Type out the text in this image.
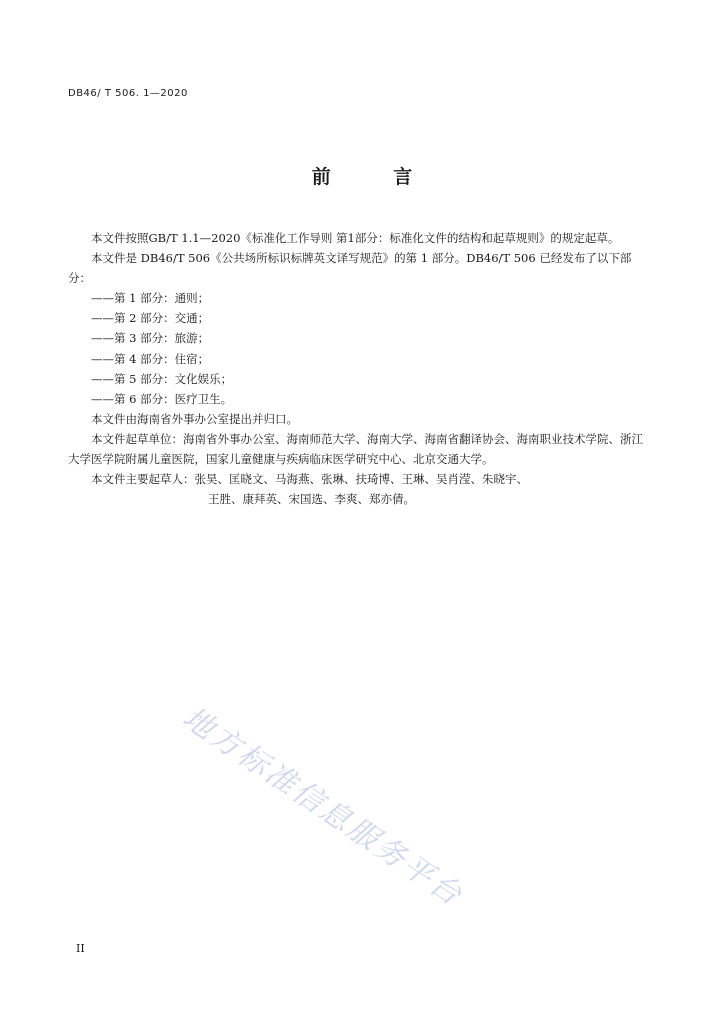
DB46/ T 506. 1—2020
前 言

本文件按照GB/T 1.1—2020《标准化工作导则 第1部分：标准化文件的结构和起草规则》的规定起草。

本文件是 DB46/T 506《公共场所标识标牌英文译写规范》的第 1 部分。DB46/T 506 已经发布了以下部分：

——第 1 部分：通则；

——第 2 部分：交通；

——第 3 部分：旅游；

——第 4 部分：住宿；

——第 5 部分：文化娱乐；

——第 6 部分：医疗卫生。

本文件由海南省外事办公室提出并归口。

本文件起草单位：海南省外事办公室、海南师范大学、海南大学、海南省翻译协会、海南职业技术学院、浙江大学医学院附属儿童医院，国家儿童健康与疾病临床医学研究中心、北京交通大学。

本文件主要起草人：张昊、匡晓文、马海燕、张琳、扶琦博、王琳、吴肖滢、朱晓宇、

王胜、康拜英、宋国选、李爽、郑亦倩。

地方标准信息服务平台
II
